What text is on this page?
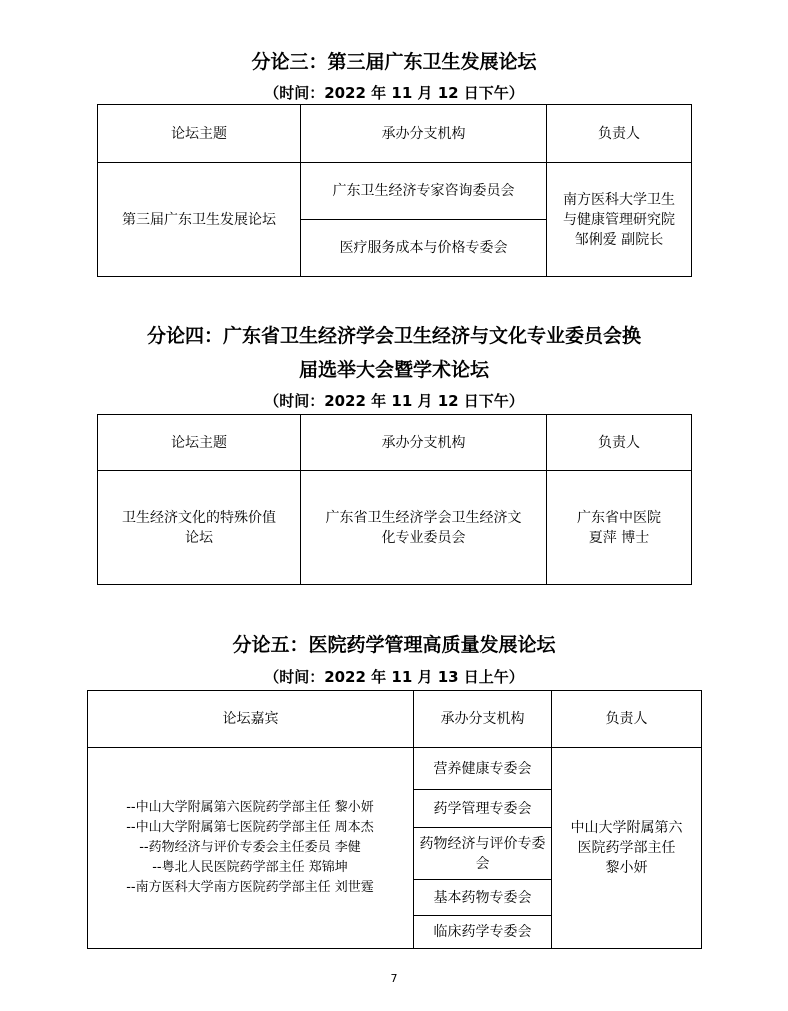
分论三：第三届广东卫生发展论坛
（时间：2022 年 11 月 12 日下午）
论坛主题	承办分支机构	负责人
第三届广东卫生发展论坛	广东卫生经济专家咨询委员会	南方医科大学卫生
与健康管理研究院
邹俐爱 副院长

	医疗服务成本与价格专委会	
分论四：广东省卫生经济学会卫生经济与文化专业委员会换
届选举大会暨学术论坛
（时间：2022 年 11 月 12 日下午）
论坛主题	承办分支机构	负责人

卫生经济文化的特殊价值
论坛	广东省卫生经济学会卫生经济文
化专业委员会	广东省中医院
夏萍 博士
分论五：医院药学管理高质量发展论坛
（时间：2022 年 11 月 13 日上午）
论坛嘉宾	承办分支机构	负责人

--中山大学附属第六医院药学部主任 黎小妍
--中山大学附属第七医院药学部主任 周本杰
--药物经济与评价专委会主任委员 李健
--粤北人民医院药学部主任 郑锦坤
--南方医科大学南方医院药学部主任 刘世霆	营养健康专委会	中山大学附属第六
医院药学部主任
黎小妍

	药学管理专委会	
	药物经济与评价专委会	
	基本药物专委会	
	临床药学专委会	
7
